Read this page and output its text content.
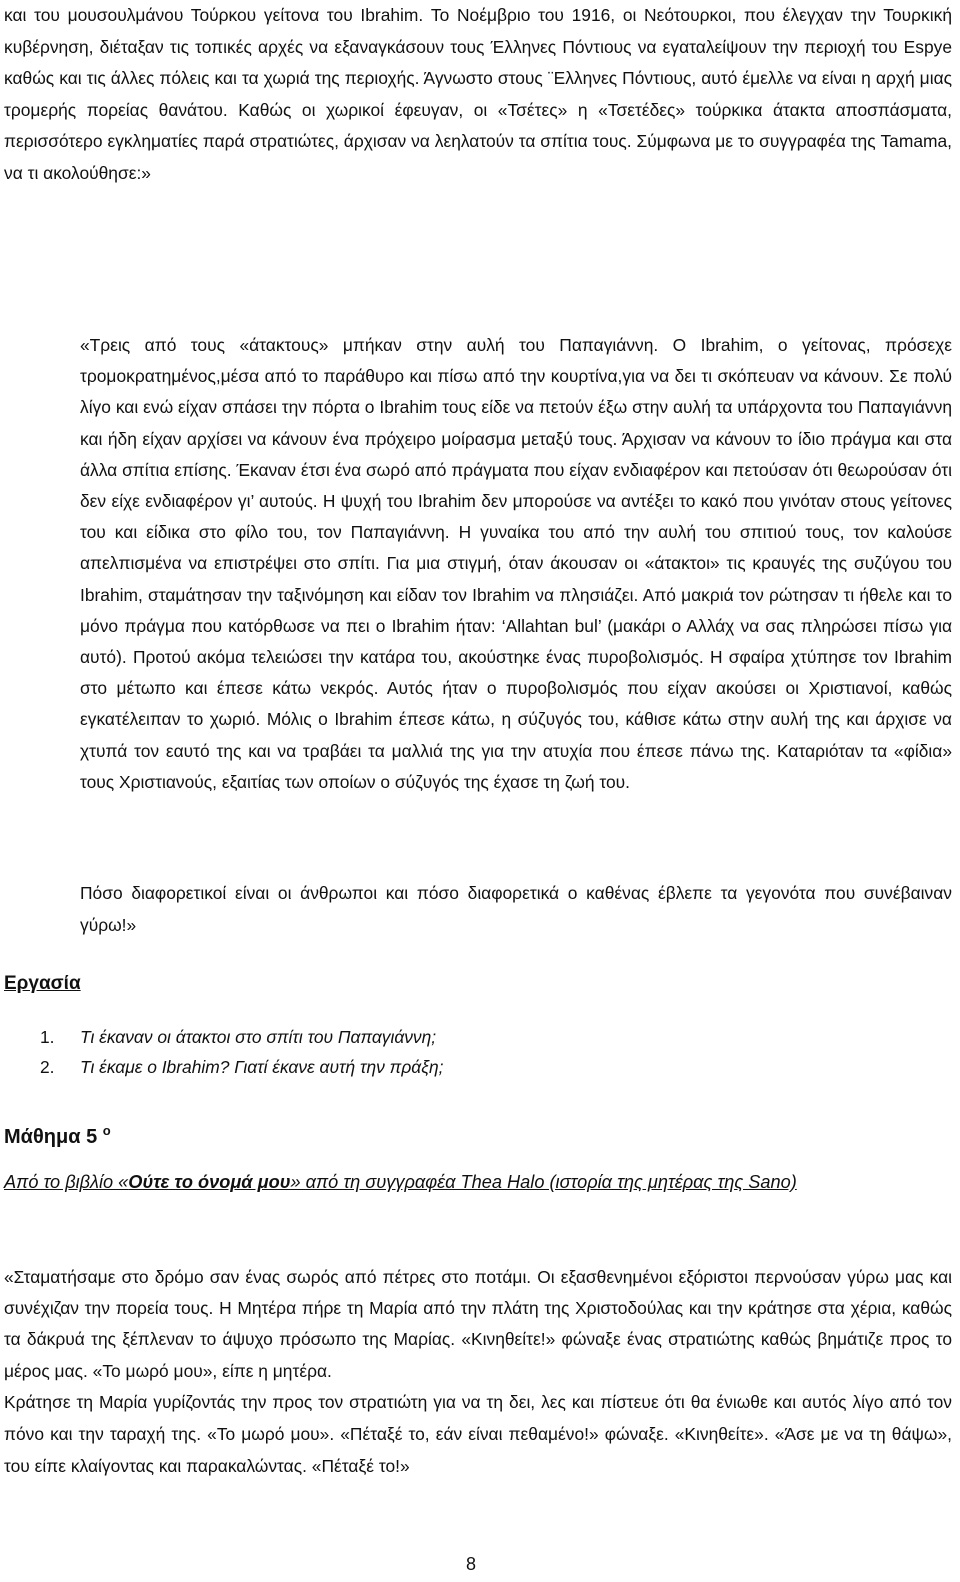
και του μουσουλμάνου Τούρκου γείτονα του Ibrahim. Το Νοέμβριο του 1916, οι Νεότουρκοι, που έλεγχαν την Τουρκική κυβέρνηση, διέταξαν τις τοπικές αρχές να εξαναγκάσουν τους Έλληνες Πόντιους να εγαταλείψουν την περιοχή του Espye καθώς και τις άλλες πόλεις και τα χωριά της περιοχής. Άγνωστο στους ¨Ελληνες Πόντιους, αυτό έμελλε να είναι η αρχή μιας τρομερής πορείας θανάτου. Καθώς οι χωρικοί έφευγαν, οι «Τσέτες» η «Τσετέδες» τούρκικα άτακτα αποσπάσματα, περισσότερο εγκληματίες παρά στρατιώτες, άρχισαν να λεηλατούν τα σπίτια τους. Σύμφωνα με το συγγραφέα της Tamama, να τι ακολούθησε:»

«Τρεις από τους «άτακτους» μπήκαν στην αυλή του Παπαγιάννη. O Ibrahim, ο γείτονας, πρόσεχε τρομοκρατημένος,μέσα από το παράθυρο και πίσω από την κουρτίνα,για να δει τι σκόπευαν να κάνουν. Σε πολύ λίγο και ενώ είχαν σπάσει την πόρτα ο Ibrahim τους είδε να πετούν έξω στην αυλή τα υπάρχοντα του Παπαγιάννη και ήδη είχαν αρχίσει να κάνουν ένα πρόχειρο μοίρασμα μεταξύ τους. Άρχισαν να κάνουν το ίδιο πράγμα και στα άλλα σπίτια επίσης. Έκαναν έτσι ένα σωρό από πράγματα που είχαν ενδιαφέρον και πετούσαν ότι θεωρούσαν ότι δεν είχε ενδιαφέρον γι’ αυτούς. Η ψυχή του Ibrahim δεν μπορούσε να αντέξει το κακό που γινόταν στους γείτονες του και είδικα στο φίλο του, τον Παπαγιάννη. Η γυναίκα του από την αυλή του σπιτιού τους, τον καλούσε απελπισμένα να επιστρέψει στο σπίτι. Για μια στιγμή, όταν άκουσαν οι «άτακτοι» τις κραυγές της συζύγου του Ibrahim, σταμάτησαν την ταξινόμηση και είδαν τον Ibrahim να πλησιάζει. Από μακριά τον ρώτησαν τι ήθελε και το μόνο πράγμα που κατόρθωσε να πει ο Ibrahim ήταν: ‘Allahtan bul’ (μακάρι ο Αλλάχ να σας πληρώσει πίσω για αυτό). Προτού ακόμα τελειώσει την κατάρα του, ακούστηκε ένας πυροβολισμός. Η σφαίρα χτύπησε τον Ibrahim στο μέτωπο και έπεσε κάτω νεκρός. Αυτός ήταν ο πυροβολισμός που είχαν ακούσει οι Χριστιανοί, καθώς εγκατέλειπαν το χωριό. Μόλις ο Ibrahim έπεσε κάτω, η σύζυγός του, κάθισε κάτω στην αυλή της και άρχισε να χτυπά τον εαυτό της και να τραβάει τα μαλλιά της για την ατυχία που έπεσε πάνω της. Καταριόταν τα «φίδια» τους Χριστιανούς, εξαιτίας των οποίων ο σύζυγός της έχασε τη ζωή του.

Πόσο διαφορετικοί είναι οι άνθρωποι και πόσο διαφορετικά ο καθένας έβλεπε τα γεγονότα που συνέβαιναν γύρω!»

Εργασία
1.	Τι έκαναν οι άτακτοι στο σπίτι του Παπαγιάννη;
2.	Τι έκαμε ο Ibrahim? Γιατί έκανε αυτή την πράξη;
Μάθημα 5 $^o$

Από το βιβλίο «Ούτε το όνομά μου» από τη συγγραφέα Thea Halo (ιστορία της μητέρας της Sano)

«Σταματήσαμε στο δρόμο σαν ένας σωρός από πέτρες στο ποτάμι. Οι εξασθενημένοι εξόριστοι περνούσαν γύρω μας και συνέχιζαν την πορεία τους. Η Μητέρα πήρε τη Μαρία από την πλάτη της Χριστοδούλας και την κράτησε στα χέρια, καθώς τα δάκρυά της ξέπλεναν το άψυχο πρόσωπο της Μαρίας. «Κινηθείτε!» φώναξε ένας στρατιώτης καθώς βημάτιζε προς το μέρος μας. «Το μωρό μου», είπε η μητέρα.

Κράτησε τη Μαρία γυρίζοντάς την προς τον στρατιώτη για να τη δει, λες και πίστευε ότι θα ένιωθε και αυτός λίγο από τον πόνο και την ταραχή της. «Το μωρό μου». «Πέταξέ το, εάν είναι πεθαμένο!» φώναξε. «Κινηθείτε». «Άσε με να τη θάψω», του είπε κλαίγοντας και παρακαλώντας. «Πέταξέ το!»

8
